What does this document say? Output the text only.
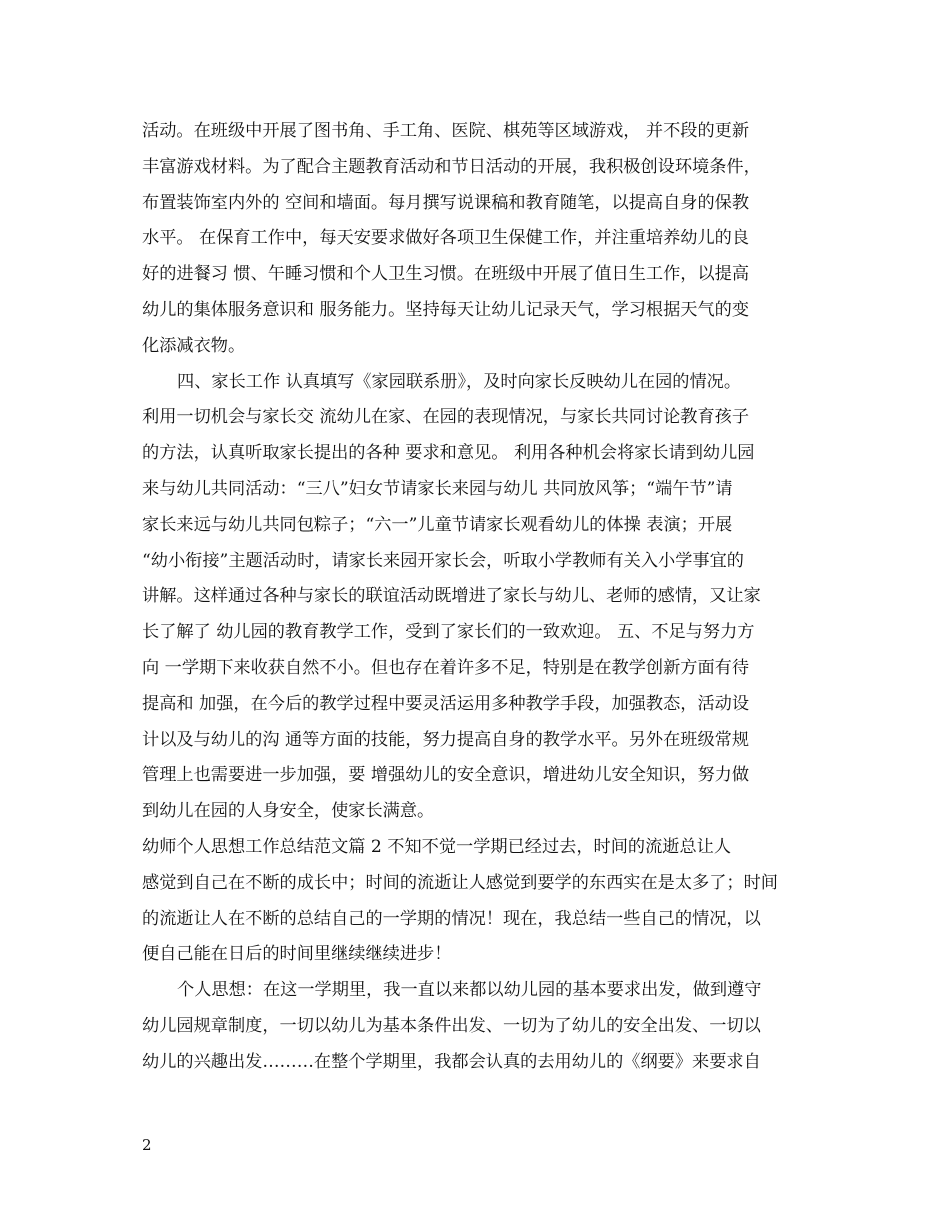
活动。在班级中开展了图书角、手工角、医院、棋苑等区域游戏， 并不段的更新
丰富游戏材料。为了配合主题教育活动和节日活动的开展，我积极创设环境条件，
布置装饰室内外的 空间和墙面。每月撰写说课稿和教育随笔，以提高自身的保教
水平。 在保育工作中，每天安要求做好各项卫生保健工作，并注重培养幼儿的良
好的进餐习 惯、午睡习惯和个人卫生习惯。在班级中开展了值日生工作，以提高
幼儿的集体服务意识和 服务能力。坚持每天让幼儿记录天气，学习根据天气的变
化添减衣物。
四、家长工作 认真填写《家园联系册》，及时向家长反映幼儿在园的情况。
利用一切机会与家长交 流幼儿在家、在园的表现情况，与家长共同讨论教育孩子
的方法，认真听取家长提出的各种 要求和意见。 利用各种机会将家长请到幼儿园
来与幼儿共同活动：“三八”妇女节请家长来园与幼儿 共同放风筝；“端午节”请
家长来远与幼儿共同包粽子；“六一”儿童节请家长观看幼儿的体操 表演；开展
“幼小衔接”主题活动时，请家长来园开家长会，听取小学教师有关入小学事宜的
讲解。这样通过各种与家长的联谊活动既增进了家长与幼儿、老师的感情，又让家
长了解了 幼儿园的教育教学工作，受到了家长们的一致欢迎。 五、不足与努力方
向 一学期下来收获自然不小。但也存在着许多不足，特别是在教学创新方面有待
提高和 加强，在今后的教学过程中要灵活运用多种教学手段，加强教态，活动设
计以及与幼儿的沟 通等方面的技能，努力提高自身的教学水平。另外在班级常规
管理上也需要进一步加强，要 增强幼儿的安全意识，增进幼儿安全知识，努力做
到幼儿在园的人身安全，使家长满意。
幼师个人思想工作总结范文篇 2 不知不觉一学期已经过去，时间的流逝总让人
感觉到自己在不断的成长中；时间的流逝让人感觉到要学的东西实在是太多了；时间
的流逝让人在不断的总结自己的一学期的情况！现在，我总结一些自己的情况，以
便自己能在日后的时间里继续继续进步！
个人思想：在这一学期里，我一直以来都以幼儿园的基本要求出发，做到遵守
幼儿园规章制度，一切以幼儿为基本条件出发、一切为了幼儿的安全出发、一切以
幼儿的兴趣出发………在整个学期里，我都会认真的去用幼儿的《纲要》来要求自
2
